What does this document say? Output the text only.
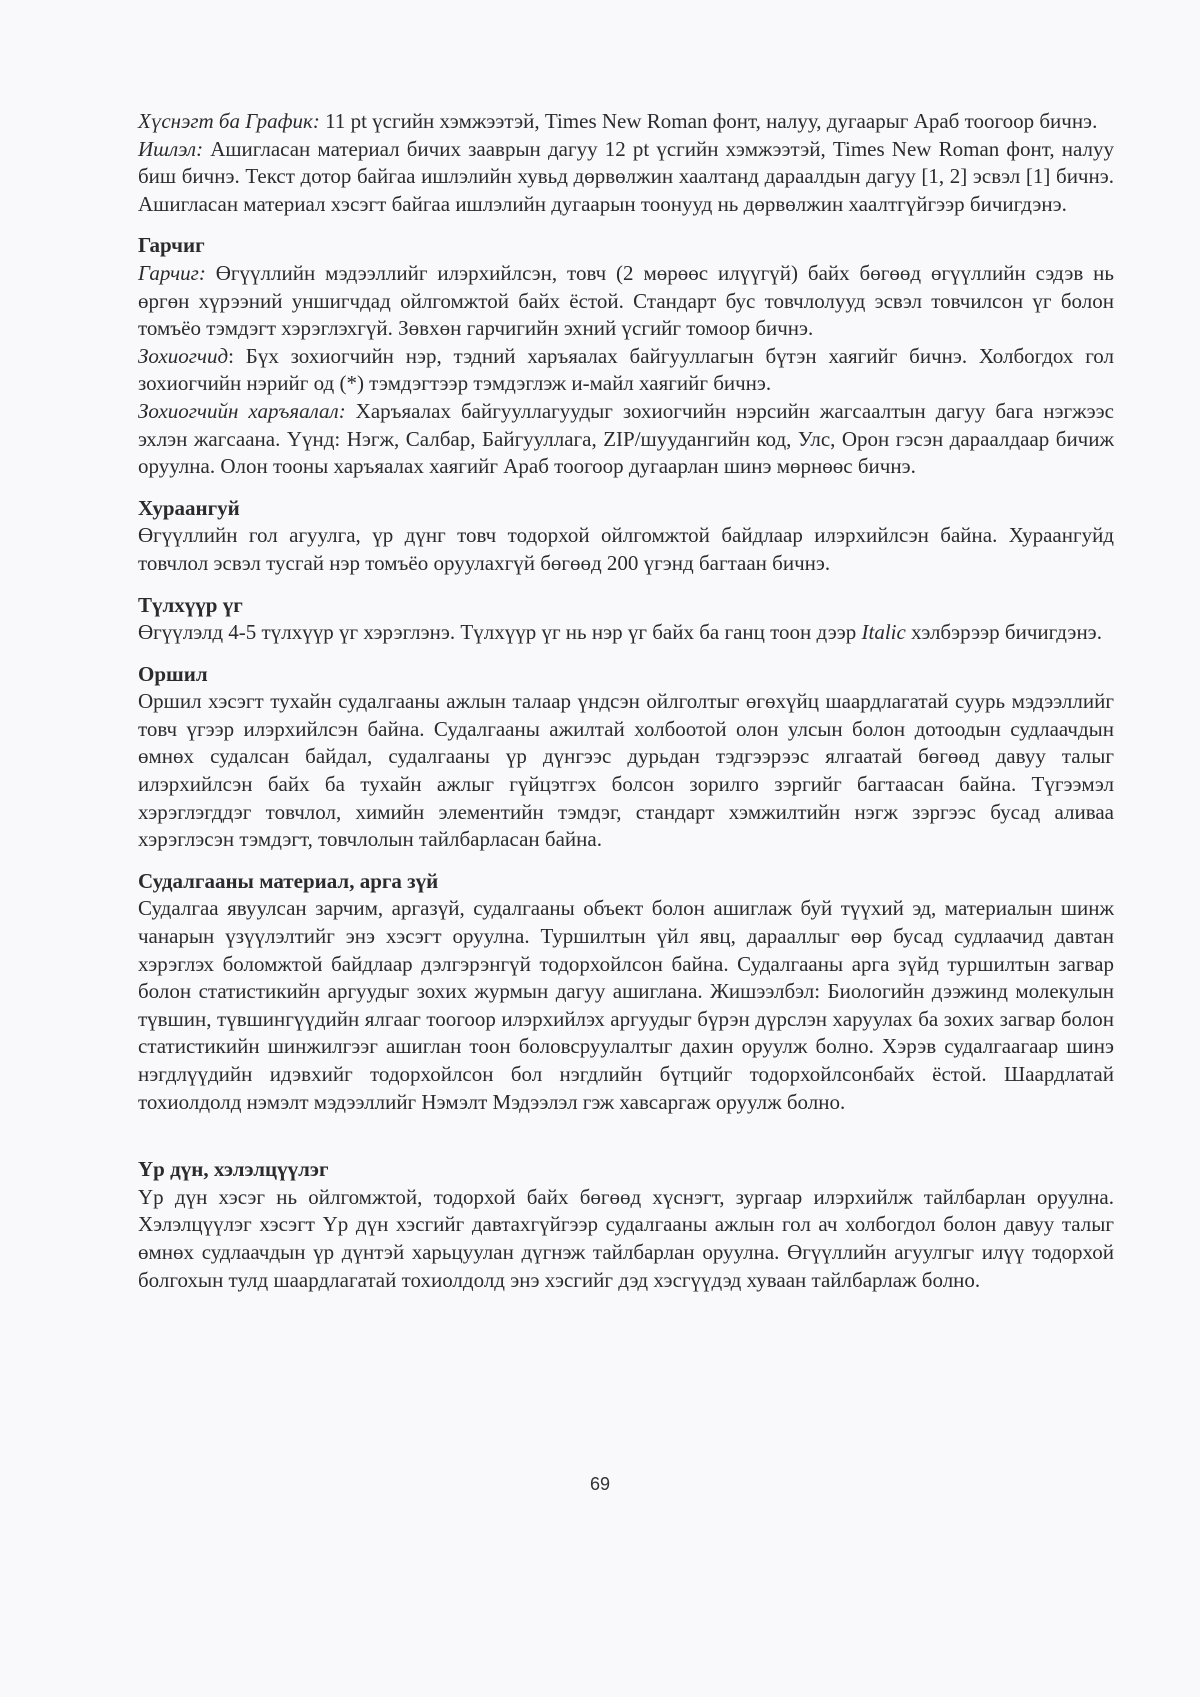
Хүснэгт ба График: 11 pt үсгийн хэмжээтэй, Times New Roman фонт, налуу, дугаарыг Араб тоогоор бичнэ.

Ишлэл: Ашигласан материал бичих зааврын дагуу 12 pt үсгийн хэмжээтэй, Times New Roman фонт, налуу биш бичнэ. Текст дотор байгаа ишлэлийн хувьд дөрвөлжин хаалтанд дараалдын дагуу [1, 2] эсвэл [1] бичнэ. Ашигласан материал хэсэгт байгаа ишлэлийн дугаарын тоонууд нь дөрвөлжин хаалтгүйгээр бичигдэнэ.

Гарчиг

Гарчиг: Өгүүллийн мэдээллийг илэрхийлсэн, товч (2 мөрөөс илүүгүй) байх бөгөөд өгүүллийн сэдэв нь өргөн хүрээний уншигчдад ойлгомжтой байх ёстой. Стандарт бус товчлолууд эсвэл товчилсон үг болон томъёо тэмдэгт хэрэглэхгүй. Зөвхөн гарчигийн эхний үсгийг томоор бичнэ.

Зохиогчид: Бүх зохиогчийн нэр, тэдний харъяалах байгууллагын бүтэн хаягийг бичнэ. Холбогдох гол зохиогчийн нэрийг од (*) тэмдэгтээр тэмдэглэж и-майл хаягийг бичнэ.

Зохиогчийн харъяалал: Харъяалах байгууллагуудыг зохиогчийн нэрсийн жагсаалтын дагуу бага нэгжээс эхлэн жагсаана. Үүнд: Нэгж, Салбар, Байгууллага, ZIP/шуудангийн код, Улс, Орон гэсэн дараалдаар бичиж оруулна. Олон тооны харъяалах хаягийг Араб тоогоор дугаарлан шинэ мөрнөөс бичнэ.

Хураангуй

Өгүүллийн гол агуулга, үр дүнг товч тодорхой ойлгомжтой байдлаар илэрхийлсэн байна. Хураангуйд товчлол эсвэл тусгай нэр томъёо оруулахгүй бөгөөд 200 үгэнд багтаан бичнэ.

Түлхүүр үг

Өгүүлэлд 4-5 түлхүүр үг хэрэглэнэ. Түлхүүр үг нь нэр үг байх ба ганц тоон дээр Italic хэлбэрээр бичигдэнэ.

Оршил

Оршил хэсэгт тухайн судалгааны ажлын талаар үндсэн ойлголтыг өгөхүйц шаардлагатай суурь мэдээллийг товч үгээр илэрхийлсэн байна. Судалгааны ажилтай холбоотой олон улсын болон дотоодын судлаачдын өмнөх судалсан байдал, судалгааны үр дүнгээс дурьдан тэдгээрээс ялгаатай бөгөөд давуу талыг илэрхийлсэн байх ба тухайн ажлыг гүйцэтгэх болсон зорилго зэргийг багтаасан байна. Түгээмэл хэрэглэгддэг товчлол, химийн элементийн тэмдэг, стандарт хэмжилтийн нэгж зэргээс бусад аливаа хэрэглэсэн тэмдэгт, товчлолын тайлбарласан байна.

Судалгааны материал, арга зүй

Судалгаа явуулсан зарчим, аргазүй, судалгааны объект болон ашиглаж буй түүхий эд, материалын шинж чанарын үзүүлэлтийг энэ хэсэгт оруулна. Туршилтын үйл явц, дарааллыг өөр бусад судлаачид давтан хэрэглэх боломжтой байдлаар дэлгэрэнгүй тодорхойлсон байна. Судалгааны арга зүйд туршилтын загвар болон статистикийн аргуудыг зохих журмын дагуу ашиглана. Жишээлбэл: Биологийн дээжинд молекулын түвшин, түвшингүүдийн ялгааг тоогоор илэрхийлэх аргуудыг бүрэн дүрслэн харуулах ба зохих загвар болон статистикийн шинжилгээг ашиглан тоон боловсруулалтыг дахин оруулж болно. Хэрэв судалгаагаар шинэ нэгдлүүдийн идэвхийг тодорхойлсон бол нэгдлийн бүтцийг тодорхойлсонбайх ёстой. Шаардлатай тохиолдолд нэмэлт мэдээллийг Нэмэлт Мэдээлэл гэж хавсаргаж оруулж болно.

Үр дүн, хэлэлцүүлэг

Үр дүн хэсэг нь ойлгомжтой, тодорхой байх бөгөөд хүснэгт, зургаар илэрхийлж тайлбарлан оруулна. Хэлэлцүүлэг хэсэгт Үр дүн хэсгийг давтахгүйгээр судалгааны ажлын гол ач холбогдол болон давуу талыг өмнөх судлаачдын үр дүнтэй харьцуулан дүгнэж тайлбарлан оруулна. Өгүүллийн агуулгыг илүү тодорхой болгохын тулд шаардлагатай тохиолдолд энэ хэсгийг дэд хэсгүүдэд хуваан тайлбарлаж болно.

69
